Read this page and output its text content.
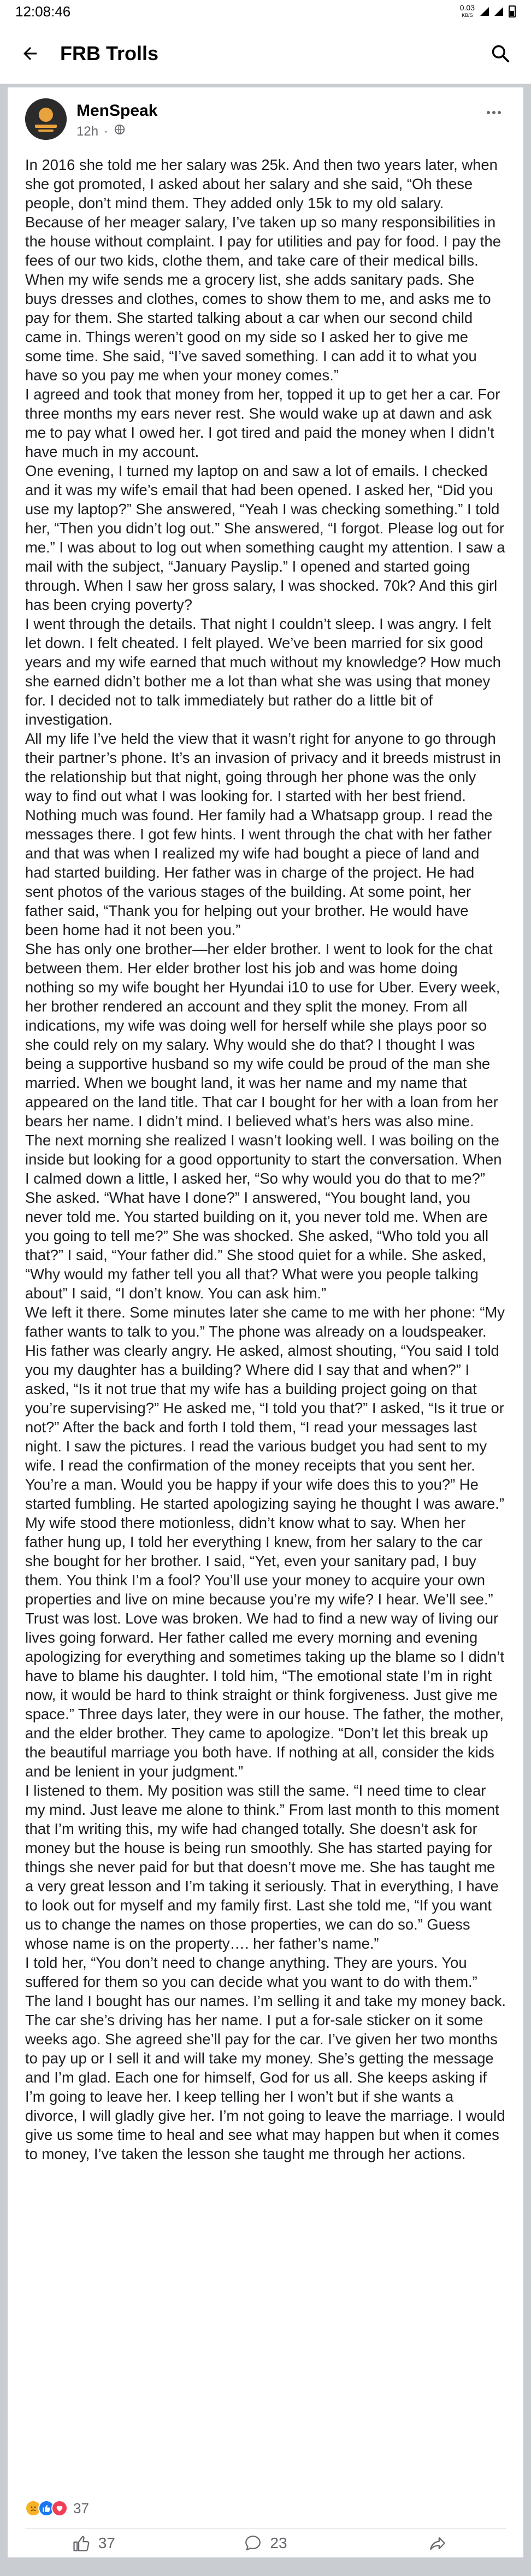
12:08:46	0.03
KB/S
FRB Trolls
MenSpeak
12h ·

In 2016 she told me her salary was 25k. And then two years later, when she got promoted, I asked about her salary and she said, “Oh these people, don’t mind them. They added only 15k to my old salary. Because of her meager salary, I’ve taken up so many responsibilities in the house without complaint. I pay for utilities and pay for food. I pay the fees of our two kids, clothe them, and take care of their medical bills. When my wife sends me a grocery list, she adds sanitary pads. She buys dresses and clothes, comes to show them to me, and asks me to pay for them. She started talking about a car when our second child came in. Things weren’t good on my side so I asked her to give me some time. She said, “I’ve saved something. I can add it to what you have so you pay me when your money comes.”

I agreed and took that money from her, topped it up to get her a car. For three months my ears never rest. She would wake up at dawn and ask me to pay what I owed her. I got tired and paid the money when I didn’t have much in my account.

One evening, I turned my laptop on and saw a lot of emails. I checked and it was my wife’s email that had been opened. I asked her, “Did you use my laptop?” She answered, “Yeah I was checking something.” I told her, “Then you didn’t log out.” She answered, “I forgot. Please log out for me.” I was about to log out when something caught my attention. I saw a mail with the subject, “January Payslip.” I opened and started going through. When I saw her gross salary, I was shocked. 70k? And this girl has been crying poverty?

I went through the details. That night I couldn’t sleep. I was angry. I felt let down. I felt cheated. I felt played. We’ve been married for six good years and my wife earned that much without my knowledge? How much she earned didn’t bother me a lot than what she was using that money for. I decided not to talk immediately but rather do a little bit of investigation.

All my life I’ve held the view that it wasn’t right for anyone to go through their partner’s phone. It’s an invasion of privacy and it breeds mistrust in the relationship but that night, going through her phone was the only way to find out what I was looking for. I started with her best friend. Nothing much was found. Her family had a Whatsapp group. I read the messages there. I got few hints. I went through the chat with her father and that was when I realized my wife had bought a piece of land and had started building. Her father was in charge of the project. He had sent photos of the various stages of the building. At some point, her father said, “Thank you for helping out your brother. He would have been home had it not been you.”

She has only one brother—her elder brother. I went to look for the chat between them. Her elder brother lost his job and was home doing nothing so my wife bought her Hyundai i10 to use for Uber. Every week, her brother rendered an account and they split the money. From all indications, my wife was doing well for herself while she plays poor so she could rely on my salary. Why would she do that? I thought I was being a supportive husband so my wife could be proud of the man she married. When we bought land, it was her name and my name that appeared on the land title. That car I bought for her with a loan from her bears her name. I didn’t mind. I believed what’s hers was also mine.

The next morning she realized I wasn’t looking well. I was boiling on the inside but looking for a good opportunity to start the conversation. When I calmed down a little, I asked her, “So why would you do that to me?” She asked. “What have I done?” I answered, “You bought land, you never told me. You started building on it, you never told me. When are you going to tell me?” She was shocked. She asked, “Who told you all that?” I said, “Your father did.” She stood quiet for a while. She asked, “Why would my father tell you all that? What were you people talking about” I said, “I don’t know. You can ask him.”

We left it there. Some minutes later she came to me with her phone: “My father wants to talk to you.” The phone was already on a loudspeaker. His father was clearly angry. He asked, almost shouting, “You said I told you my daughter has a building? Where did I say that and when?” I asked, “Is it not true that my wife has a building project going on that you’re supervising?” He asked me, “I told you that?” I asked, “Is it true or not?” After the back and forth I told them, “I read your messages last night. I saw the pictures. I read the various budget you had sent to my wife. I read the confirmation of the money receipts that you sent her. You’re a man. Would you be happy if your wife does this to you?” He started fumbling. He started apologizing saying he thought I was aware.”

My wife stood there motionless, didn’t know what to say. When her father hung up, I told her everything I knew, from her salary to the car she bought for her brother. I said, “Yet, even your sanitary pad, I buy them. You think I’m a fool? You’ll use your money to acquire your own properties and live on mine because you’re my wife? I hear. We’ll see.”

Trust was lost. Love was broken. We had to find a new way of living our lives going forward. Her father called me every morning and evening apologizing for everything and sometimes taking up the blame so I didn’t have to blame his daughter. I told him, “The emotional state I’m in right now, it would be hard to think straight or think forgiveness. Just give me space.” Three days later, they were in our house. The father, the mother, and the elder brother. They came to apologize. “Don’t let this break up the beautiful marriage you both have. If nothing at all, consider the kids and be lenient in your judgment.”

I listened to them. My position was still the same. “I need time to clear my mind. Just leave me alone to think.” From last month to this moment that I’m writing this, my wife had changed totally. She doesn’t ask for money but the house is being run smoothly. She has started paying for things she never paid for but that doesn’t move me. She has taught me a very great lesson and I’m taking it seriously. That in everything, I have to look out for myself and my family first. Last she told me, “If you want us to change the names on those properties, we can do so.” Guess whose name is on the property…. her father’s name.”

I told her, “You don’t need to change anything. They are yours. You suffered for them so you can decide what you want to do with them.” The land I bought has our names. I’m selling it and take my money back. The car she’s driving has her name. I put a for-sale sticker on it some weeks ago. She agreed she’ll pay for the car. I’ve given her two months to pay up or I sell it and will take my money. She’s getting the message and I’m glad. Each one for himself, God for us all. She keeps asking if I’m going to leave her. I keep telling her I won’t but if she wants a divorce, I will gladly give her. I’m not going to leave the marriage. I would give us some time to heal and see what may happen but when it comes to money, I’ve taken the lesson she taught me through her actions.

37
37	23
